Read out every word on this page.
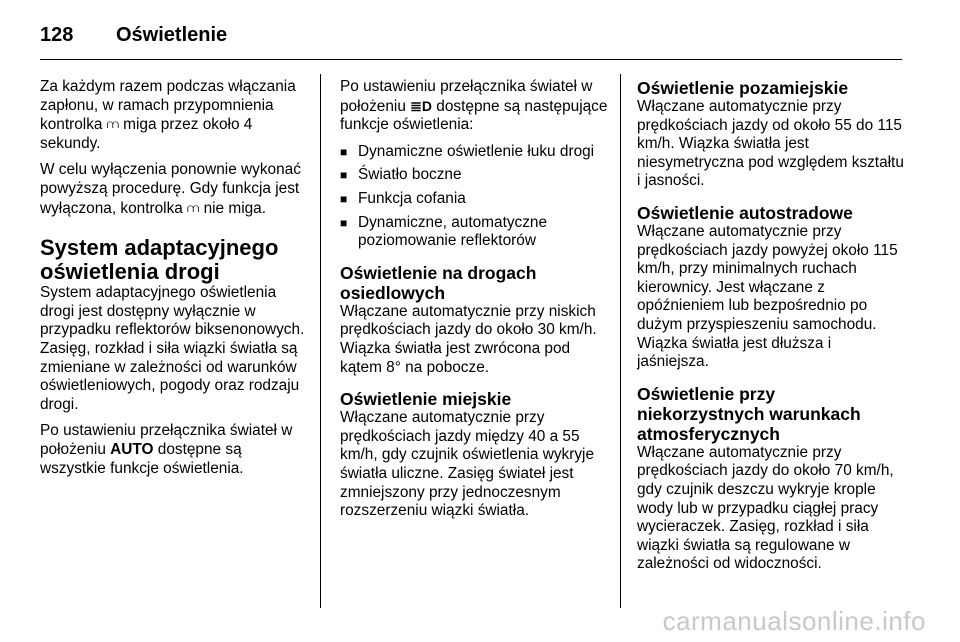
128	Oświetlenie

Za każdym razem podczas włączania zapłonu, w ramach przypomnienia kontrolka ⩋ miga przez około 4 sekundy.

W celu wyłączenia ponownie wykonać powyższą procedurę. Gdy funkcja jest wyłączona, kontrolka ⩋ nie miga.

System adaptacyjnego oświetlenia drogi

System adaptacyjnego oświetlenia drogi jest dostępny wyłącznie w przypadku reflektorów biksenonowych. Zasięg, rozkład i siła wiązki światła są zmieniane w zależności od warunków oświetleniowych, pogody oraz rodzaju drogi.

Po ustawieniu przełącznika świateł w położeniu AUTO dostępne są wszystkie funkcje oświetlenia.

Po ustawieniu przełącznika świateł w położeniu ≣D dostępne są następujące funkcje oświetlenia:

■ Dynamiczne oświetlenie łuku drogi
■ Światło boczne
■ Funkcja cofania
■ Dynamiczne, automatyczne poziomowanie reflektorów
Oświetlenie na drogach osiedlowych

Włączane automatycznie przy niskich prędkościach jazdy do około 30 km/h. Wiązka światła jest zwrócona pod kątem 8° na pobocze.

Oświetlenie miejskie

Włączane automatycznie przy prędkościach jazdy między 40 a 55 km/h, gdy czujnik oświetlenia wykryje światła uliczne. Zasięg świateł jest zmniejszony przy jednoczesnym rozszerzeniu wiązki światła.

Oświetlenie pozamiejskie

Włączane automatycznie przy prędkościach jazdy od około 55 do 115 km/h. Wiązka światła jest niesymetryczna pod względem kształtu i jasności.

Oświetlenie autostradowe

Włączane automatycznie przy prędkościach jazdy powyżej około 115 km/h, przy minimalnych ruchach kierownicy. Jest włączane z opóźnieniem lub bezpośrednio po dużym przyspieszeniu samochodu. Wiązka światła jest dłuższa i jaśniejsza.

Oświetlenie przy niekorzystnych warunkach atmosferycznych

Włączane automatycznie przy prędkościach jazdy do około 70 km/h, gdy czujnik deszczu wykryje krople wody lub w przypadku ciągłej pracy wycieraczek. Zasięg, rozkład i siła wiązki światła są regulowane w zależności od widoczności.

carmanualsonline.info
